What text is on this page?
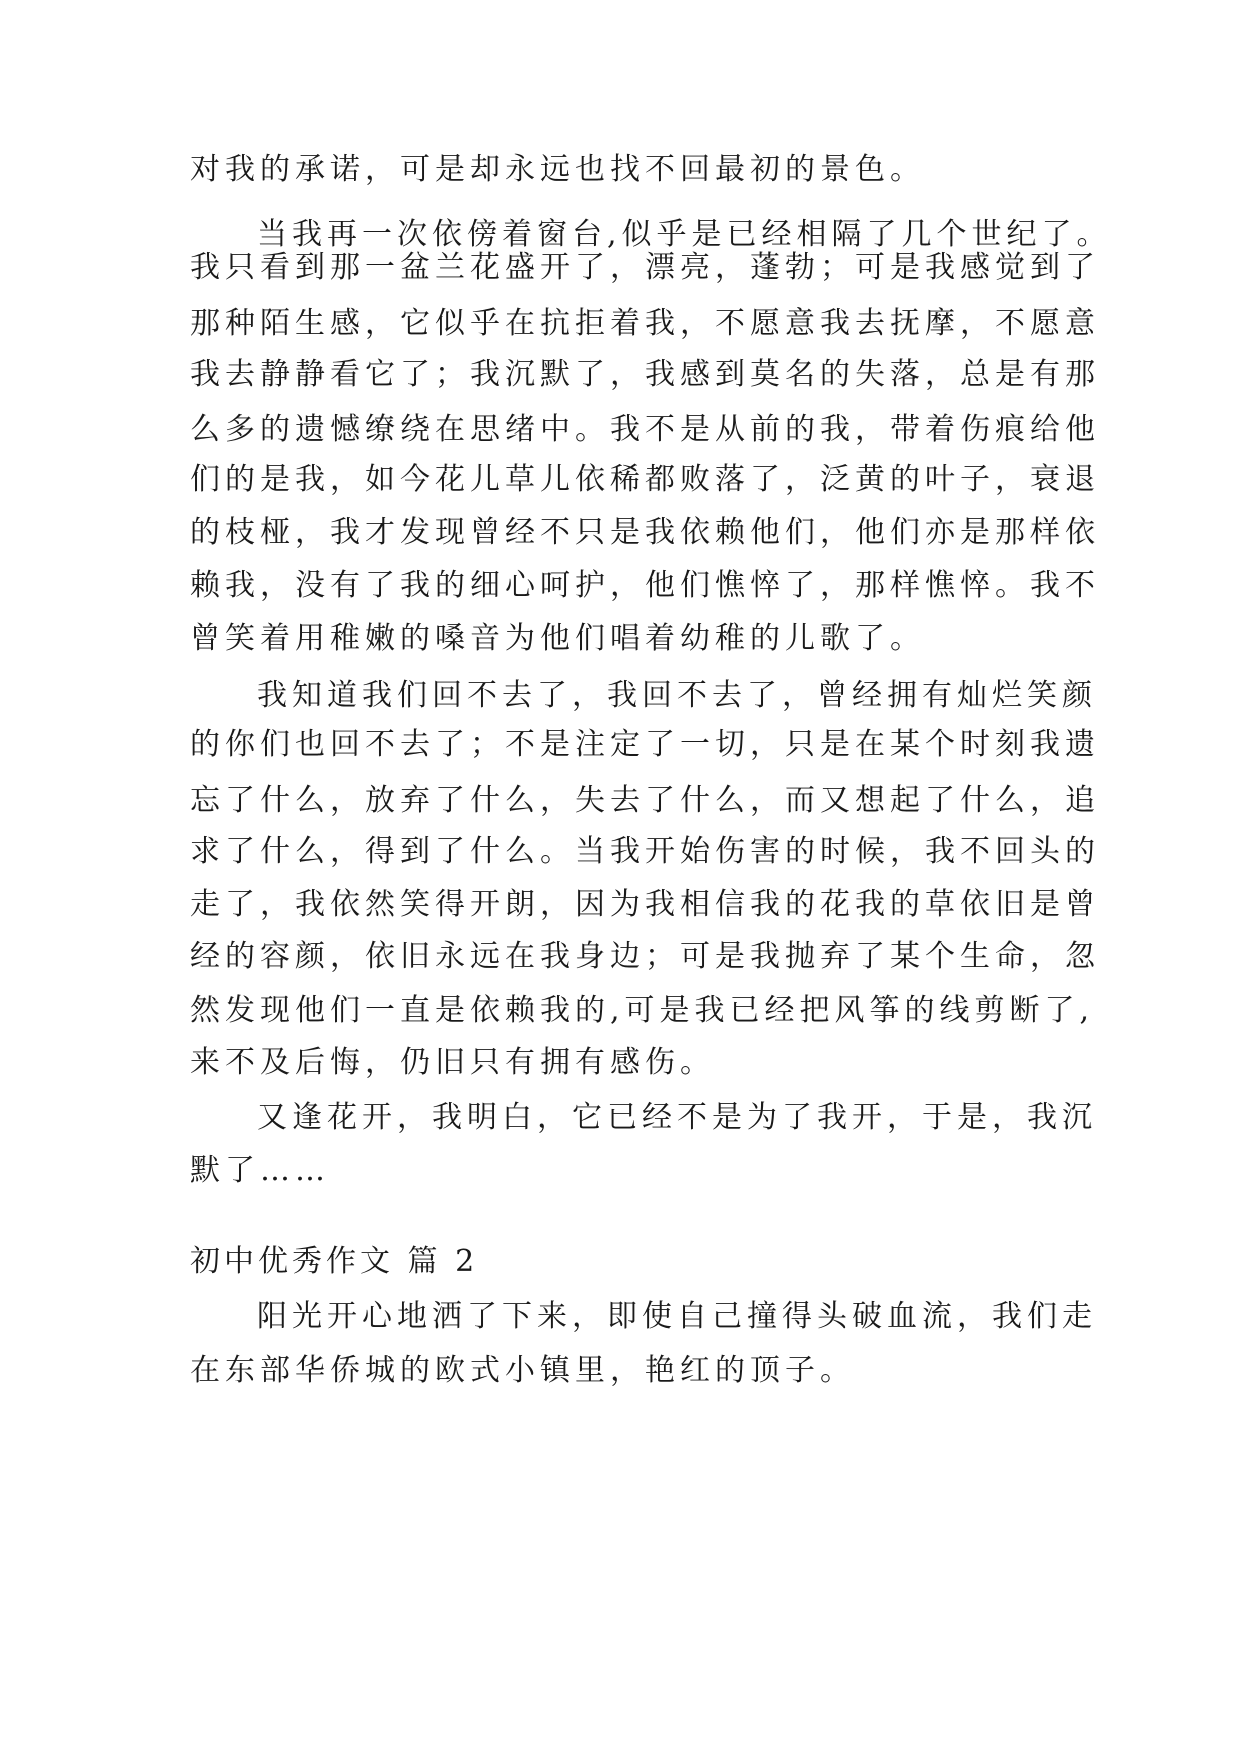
对我的承诺，可是却永远也找不回最初的景色。
当我再一次依傍着窗台,似乎是已经相隔了几个世纪了。
我只看到那一盆兰花盛开了，漂亮，蓬勃；可是我感觉到了
那种陌生感，它似乎在抗拒着我，不愿意我去抚摩，不愿意
我去静静看它了；我沉默了，我感到莫名的失落，总是有那
么多的遗憾缭绕在思绪中。我不是从前的我，带着伤痕给他
们的是我，如今花儿草儿依稀都败落了，泛黄的叶子，衰退
的枝桠，我才发现曾经不只是我依赖他们，他们亦是那样依
赖我，没有了我的细心呵护，他们憔悴了，那样憔悴。我不
曾笑着用稚嫩的嗓音为他们唱着幼稚的儿歌了。
我知道我们回不去了，我回不去了，曾经拥有灿烂笑颜
的你们也回不去了；不是注定了一切，只是在某个时刻我遗
忘了什么，放弃了什么，失去了什么，而又想起了什么，追
求了什么，得到了什么。当我开始伤害的时候，我不回头的
走了，我依然笑得开朗，因为我相信我的花我的草依旧是曾
经的容颜，依旧永远在我身边；可是我抛弃了某个生命，忽
然发现他们一直是依赖我的,可是我已经把风筝的线剪断了,
来不及后悔，仍旧只有拥有感伤。
又逢花开，我明白，它已经不是为了我开，于是，我沉
默了……
初中优秀作文 篇 2
阳光开心地洒了下来，即使自己撞得头破血流，我们走
在东部华侨城的欧式小镇里，艳红的顶子。
